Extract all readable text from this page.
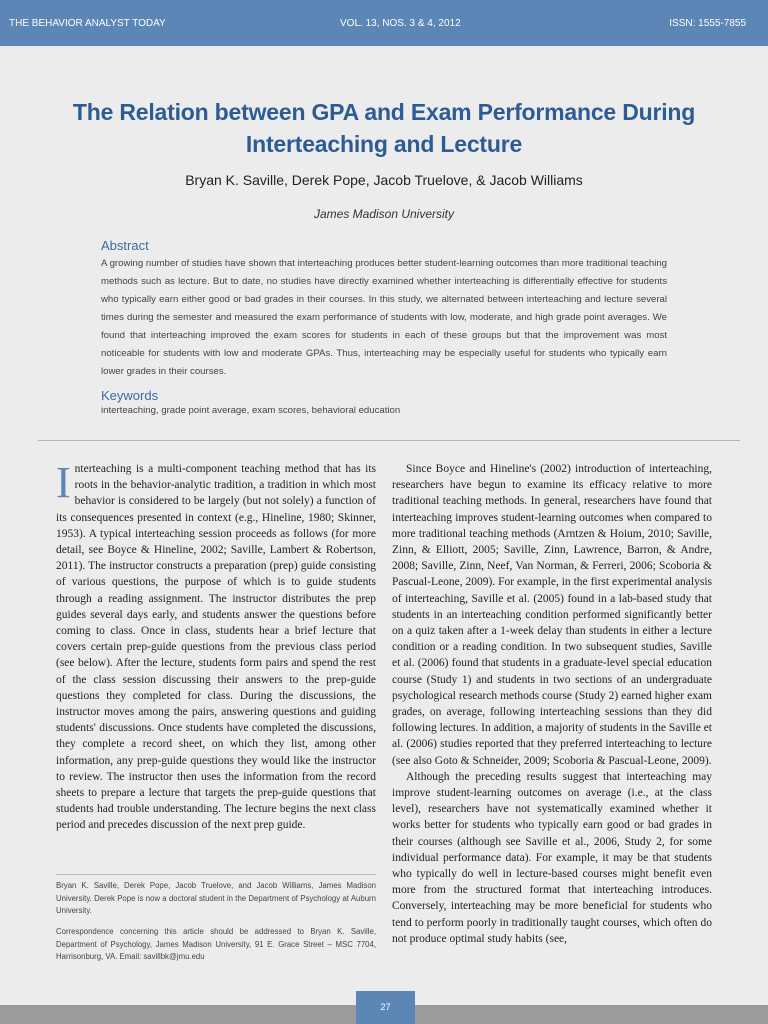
THE BEHAVIOR ANALYST TODAY	VOL. 13, NOS. 3 & 4, 2012	ISSN: 1555-7855
The Relation between GPA and Exam Performance During Interteaching and Lecture
Bryan K. Saville, Derek Pope, Jacob Truelove, & Jacob Williams
James Madison University
Abstract
A growing number of studies have shown that interteaching produces better student-learning outcomes than more traditional teaching methods such as lecture. But to date, no studies have directly examined whether interteaching is differentially effective for students who typically earn either good or bad grades in their courses. In this study, we alternated between interteaching and lecture several times during the semester and measured the exam performance of students with low, moderate, and high grade point averages. We found that interteaching improved the exam scores for students in each of these groups but that the improvement was most noticeable for students with low and moderate GPAs. Thus, interteaching may be especially useful for students who typically earn lower grades in their courses.
Keywords
interteaching, grade point average, exam scores, behavioral education

Interteaching is a multi-component teaching method that has its roots in the behavior-analytic tradition, a tradition in which most behavior is considered to be largely (but not solely) a function of its consequences presented in context (e.g., Hineline, 1980; Skinner, 1953). A typical interteaching session proceeds as follows (for more detail, see Boyce & Hineline, 2002; Saville, Lambert & Robertson, 2011). The instructor constructs a preparation (prep) guide consisting of various questions, the purpose of which is to guide students through a reading assignment. The instructor distributes the prep guides several days early, and students answer the questions before coming to class. Once in class, students hear a brief lecture that covers certain prep-guide questions from the previous class period (see below). After the lecture, students form pairs and spend the rest of the class session discussing their answers to the prep-guide questions they completed for class. During the discussions, the instructor moves among the pairs, answering questions and guiding students' discussions. Once students have completed the discussions, they complete a record sheet, on which they list, among other information, any prep-guide questions they would like the instructor to review. The instructor then uses the information from the record sheets to prepare a lecture that targets the prep-guide questions that students had trouble understanding. The lecture begins the next class period and precedes discussion of the next prep guide.

Since Boyce and Hineline's (2002) introduction of interteaching, researchers have begun to examine its efficacy relative to more traditional teaching methods. In general, researchers have found that interteaching improves student-learning outcomes when compared to more traditional teaching methods (Arntzen & Hoium, 2010; Saville, Zinn, & Elliott, 2005; Saville, Zinn, Lawrence, Barron, & Andre, 2008; Saville, Zinn, Neef, Van Norman, & Ferreri, 2006; Scoboria & Pascual-Leone, 2009). For example, in the first experimental analysis of interteaching, Saville et al. (2005) found in a lab-based study that students in an interteaching condition performed significantly better on a quiz taken after a 1-week delay than students in either a lecture condition or a reading condition. In two subsequent studies, Saville et al. (2006) found that students in a graduate-level special education course (Study 1) and students in two sections of an undergraduate psychological research methods course (Study 2) earned higher exam grades, on average, following interteaching sessions than they did following lectures. In addition, a majority of students in the Saville et al. (2006) studies reported that they preferred interteaching to lecture (see also Goto & Schneider, 2009; Scoboria & Pascual-Leone, 2009).

Although the preceding results suggest that interteaching may improve student-learning outcomes on average (i.e., at the class level), researchers have not systematically examined whether it works better for students who typically earn good or bad grades in their courses (although see Saville et al., 2006, Study 2, for some individual performance data). For example, it may be that students who typically do well in lecture-based courses might benefit even more from the structured format that interteaching introduces. Conversely, interteaching may be more beneficial for students who tend to perform poorly in traditionally taught courses, which often do not produce optimal study habits (see,

Bryan K. Saville, Derek Pope, Jacob Truelove, and Jacob Williams, James Madison University. Derek Pope is now a doctoral student in the Department of Psychology at Auburn University.
Correspondence concerning this article should be addressed to Bryan K. Saville, Department of Psychology, James Madison University, 91 E. Grace Street – MSC 7704, Harrisonburg, VA. Email: savillbk@jmu.edu
27
